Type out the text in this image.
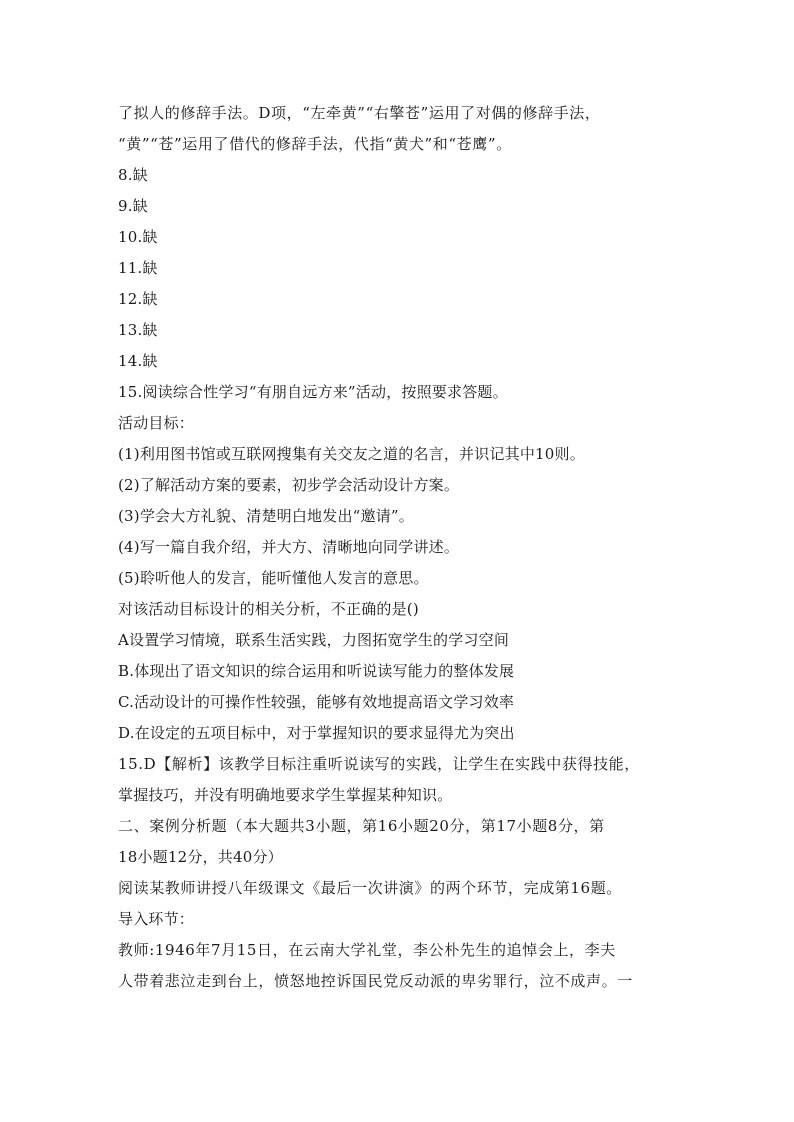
了拟人的修辞手法。D项，“左牵黄”“右擎苍”运用了对偶的修辞手法，
“黄”“苍”运用了借代的修辞手法，代指“黄犬”和“苍鹰”。
8.缺
9.缺
10.缺
11.缺
12.缺
13.缺
14.缺
15.阅读综合性学习“有朋自远方来”活动，按照要求答题。
活动目标：
(1)利用图书馆或互联网搜集有关交友之道的名言，并识记其中10则。
(2)了解活动方案的要素，初步学会活动设计方案。
(3)学会大方礼貌、清楚明白地发出“邀请”。
(4)写一篇自我介绍，并大方、清晰地向同学讲述。
(5)聆听他人的发言，能听懂他人发言的意思。
对该活动目标设计的相关分析，不正确的是()
A设置学习情境，联系生活实践，力图拓宽学生的学习空间
B.体现出了语文知识的综合运用和听说读写能力的整体发展
C.活动设计的可操作性较强，能够有效地提高语文学习效率
D.在设定的五项目标中，对于掌握知识的要求显得尤为突出
15.D【解析】该教学目标注重听说读写的实践，让学生在实践中获得技能，
掌握技巧，并没有明确地要求学生掌握某种知识。
二、案例分析题（本大题共3小题，第16小题20分，第17小题8分，第
18小题12分，共40分）
阅读某教师讲授八年级课文《最后一次讲演》的两个环节，完成第16题。
导入环节：
教师:1946年7月15日，在云南大学礼堂，李公朴先生的追悼会上，李夫
人带着悲泣走到台上，愤怒地控诉国民党反动派的卑劣罪行，泣不成声。一
